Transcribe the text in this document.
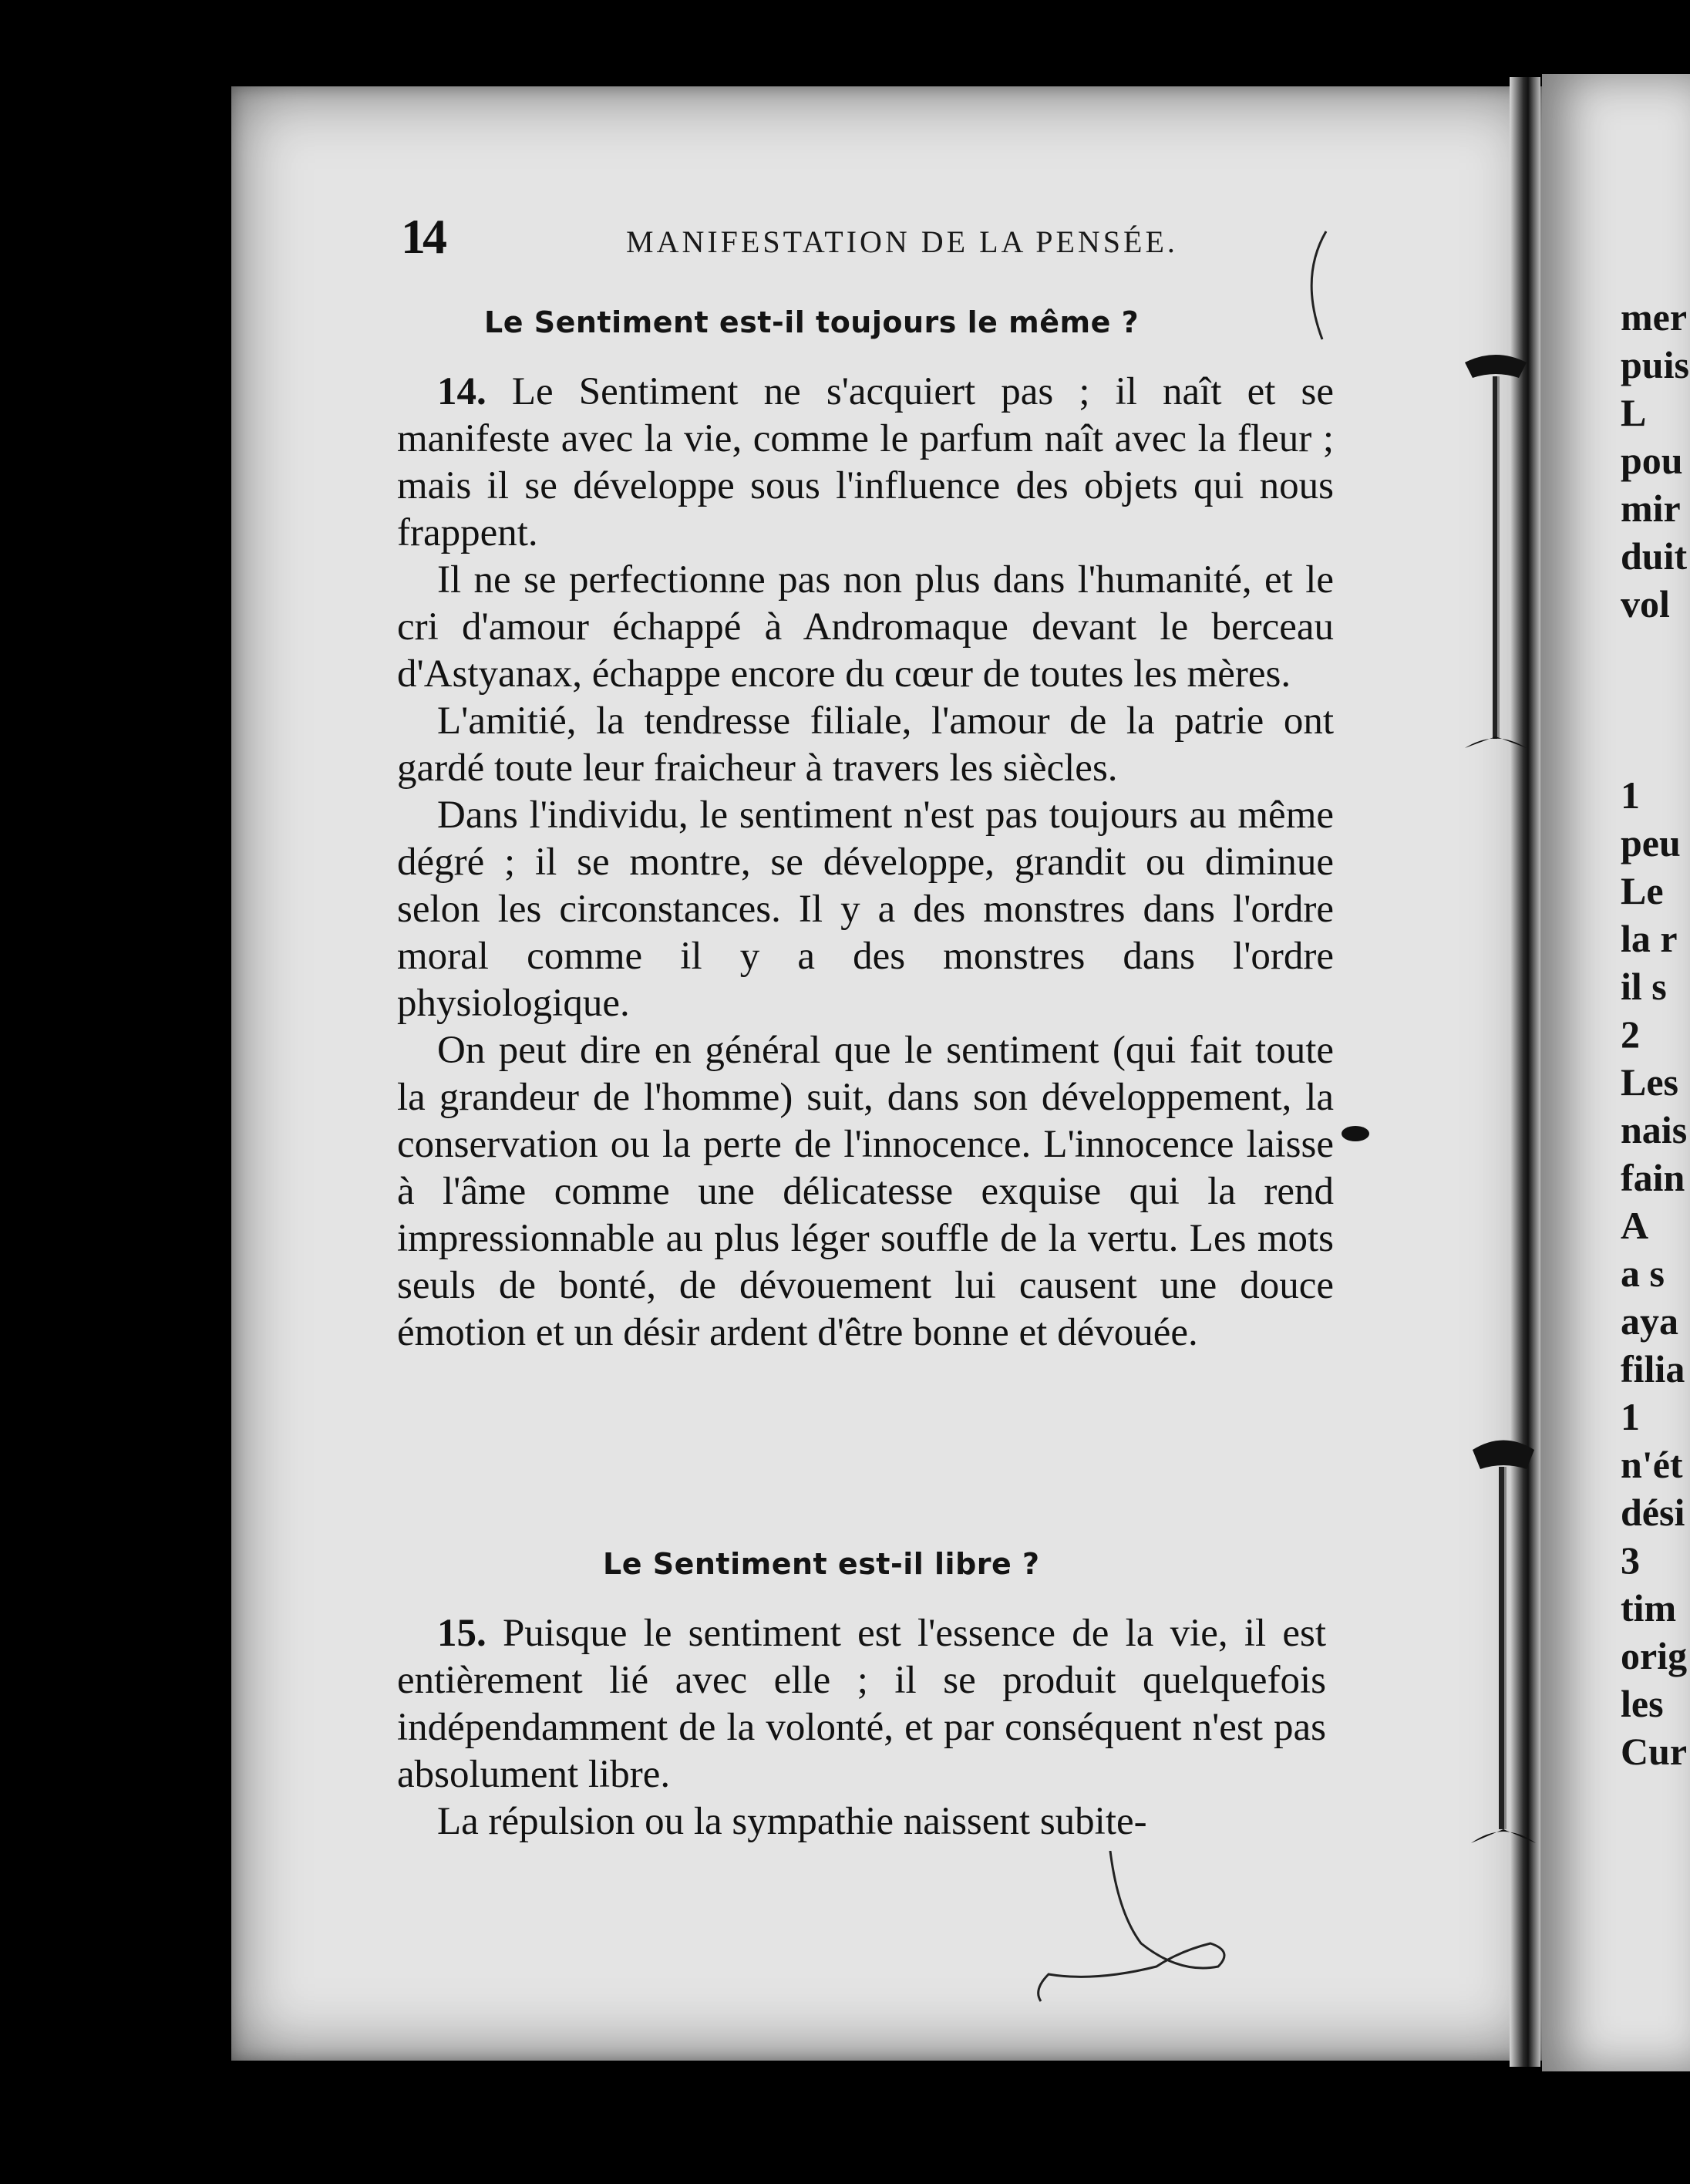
14	MANIFESTATION DE LA PENSÉE.
Le Sentiment est-il toujours le même ?

14. Le Sentiment ne s'acquiert pas ; il naît et se manifeste avec la vie, comme le parfum naît avec la fleur ; mais il se développe sous l'influence des objets qui nous frappent.

Il ne se perfectionne pas non plus dans l'humanité, et le cri d'amour échappé à Andromaque devant le berceau d'Astyanax, échappe encore du cœur de toutes les mères.

L'amitié, la tendresse filiale, l'amour de la patrie ont gardé toute leur fraicheur à travers les siècles.

Dans l'individu, le sentiment n'est pas toujours au même dégré ; il se montre, se développe, grandit ou diminue selon les circonstances. Il y a des monstres dans l'ordre moral comme il y a des monstres dans l'ordre physiologique.

On peut dire en général que le sentiment (qui fait toute la grandeur de l'homme) suit, dans son développement, la conservation ou la perte de l'innocence. L'innocence laisse à l'âme comme une délicatesse exquise qui la rend impressionnable au plus léger souffle de la vertu. Les mots seuls de bonté, de dévouement lui causent une douce émotion et un désir ardent d'être bonne et dévouée.

Le Sentiment est-il libre ?

15. Puisque le sentiment est l'essence de la vie, il est entièrement lié avec elle ; il se produit quelquefois indépendamment de la volonté, et par conséquent n'est pas absolument libre.

La répulsion ou la sympathie naissent subite-

mer
puis
L
pou
mir
duit
vol
1
peu
Le
la r
il s
2
Les
nais
fain
A
a s
aya
filia
1
n'ét
dési
3
tim
orig
les
Cur
